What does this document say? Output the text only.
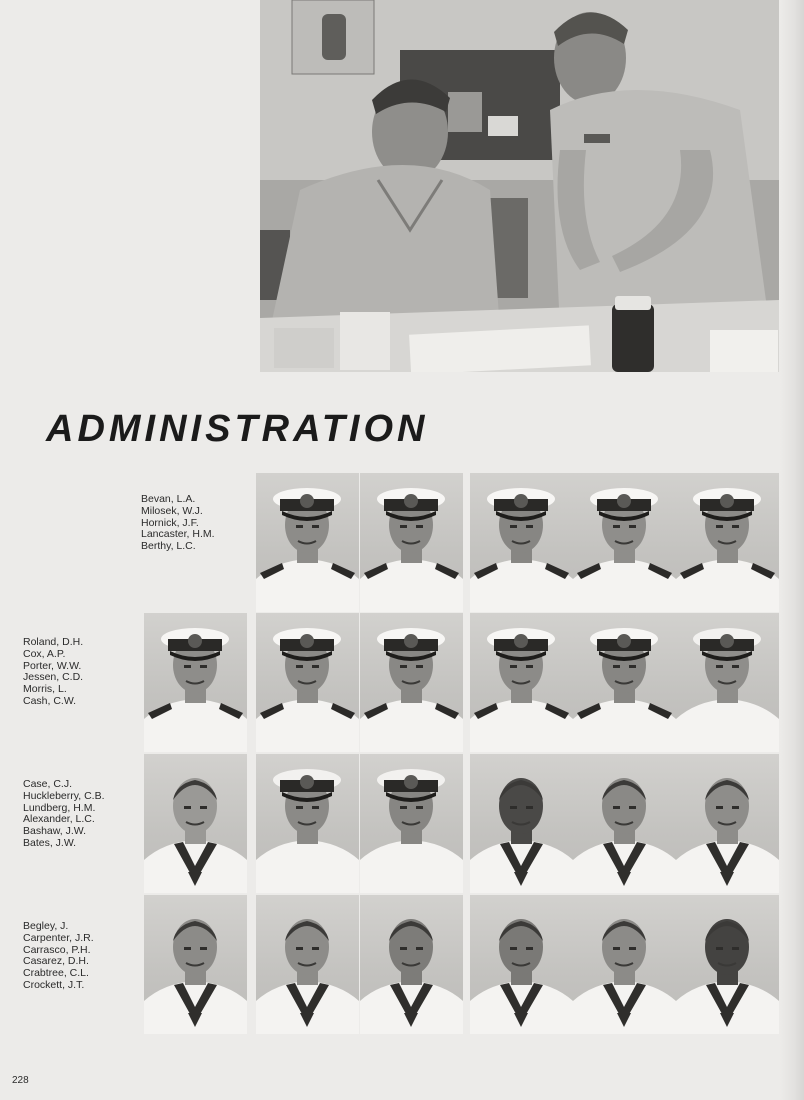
ADMINISTRATION
Bevan, L.A.
Milosek, W.J.
Hornick, J.F.
Lancaster, H.M.
Berthy, L.C.
Roland, D.H.
Cox, A.P.
Porter, W.W.
Jessen, C.D.
Morris, L.
Cash, C.W.
Case, C.J.
Huckleberry, C.B.
Lundberg, H.M.
Alexander, L.C.
Bashaw, J.W.
Bates, J.W.
Begley, J.
Carpenter, J.R.
Carrasco, P.H.
Casarez, D.H.
Crabtree, C.L.
Crockett, J.T.
228
